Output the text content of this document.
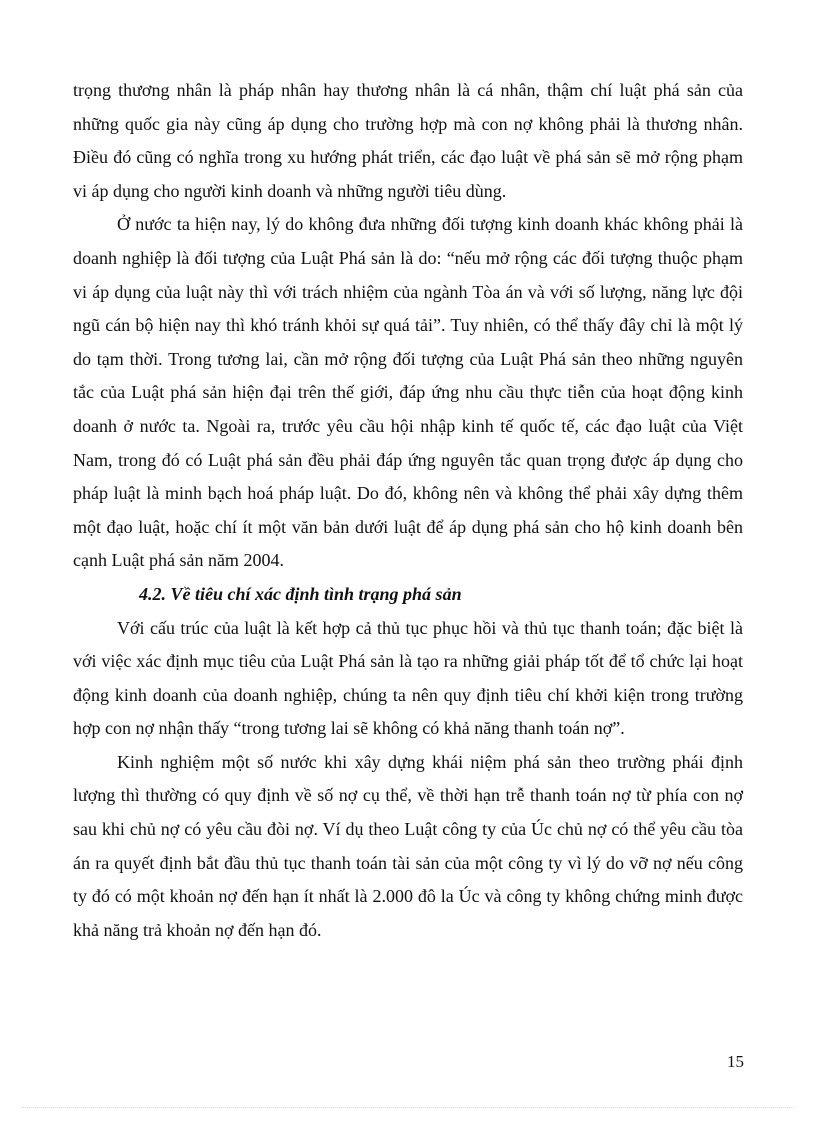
trọng thương nhân là pháp nhân hay thương nhân là cá nhân, thậm chí luật phá sản của những quốc gia này cũng áp dụng cho trường hợp mà con nợ không phải là thương nhân. Điều đó cũng có nghĩa trong xu hướng phát triển, các đạo luật về phá sản sẽ mở rộng phạm vi áp dụng cho người kinh doanh và những người tiêu dùng.

Ở nước ta hiện nay, lý do không đưa những đối tượng kinh doanh khác không phải là doanh nghiệp là đối tượng của Luật Phá sản là do: “nếu mở rộng các đối tượng thuộc phạm vi áp dụng của luật này thì với trách nhiệm của ngành Tòa án và với số lượng, năng lực đội ngũ cán bộ hiện nay thì khó tránh khỏi sự quá tải”. Tuy nhiên, có thể thấy đây chỉ là một lý do tạm thời. Trong tương lai, cần mở rộng đối tượng của Luật Phá sản theo những nguyên tắc của Luật phá sản hiện đại trên thế giới, đáp ứng nhu cầu thực tiễn của hoạt động kinh doanh ở nước ta. Ngoài ra, trước yêu cầu hội nhập kinh tế quốc tế, các đạo luật của Việt Nam, trong đó có Luật phá sản đều phải đáp ứng nguyên tắc quan trọng được áp dụng cho pháp luật là minh bạch hoá pháp luật. Do đó, không nên và không thể phải xây dựng thêm một đạo luật, hoặc chí ít một văn bản dưới luật để áp dụng phá sản cho hộ kinh doanh bên cạnh Luật phá sản năm 2004.

4.2. Về tiêu chí xác định tình trạng phá sản

Với cấu trúc của luật là kết hợp cả thủ tục phục hồi và thủ tục thanh toán; đặc biệt là với việc xác định mục tiêu của Luật Phá sản là tạo ra những giải pháp tốt để tổ chức lại hoạt động kinh doanh của doanh nghiệp, chúng ta nên quy định tiêu chí khởi kiện trong trường hợp con nợ nhận thấy “trong tương lai sẽ không có khả năng thanh toán nợ”.

Kinh nghiệm một số nước khi xây dựng khái niệm phá sản theo trường phái định lượng thì thường có quy định về số nợ cụ thể, về thời hạn trễ thanh toán nợ từ phía con nợ sau khi chủ nợ có yêu cầu đòi nợ. Ví dụ theo Luật công ty của Úc chủ nợ có thể yêu cầu tòa án ra quyết định bắt đầu thủ tục thanh toán tài sản của một công ty vì lý do vỡ nợ nếu công ty đó có một khoản nợ đến hạn ít nhất là 2.000 đô la Úc và công ty không chứng minh được khả năng trả khoản nợ đến hạn đó.

15
